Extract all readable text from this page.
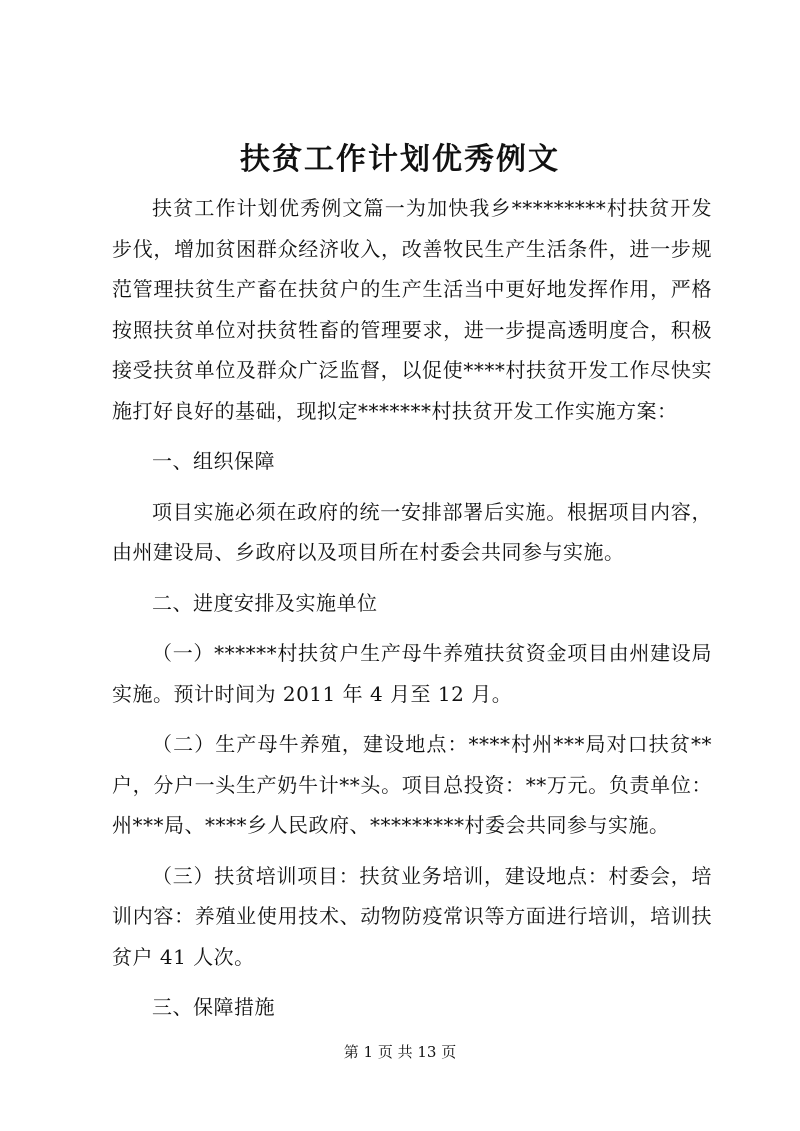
扶贫工作计划优秀例文

扶贫工作计划优秀例文篇一为加快我乡*********村扶贫开发步伐，增加贫困群众经济收入，改善牧民生产生活条件，进一步规范管理扶贫生产畜在扶贫户的生产生活当中更好地发挥作用，严格按照扶贫单位对扶贫牲畜的管理要求，进一步提高透明度合，积极接受扶贫单位及群众广泛监督，以促使****村扶贫开发工作尽快实施打好良好的基础，现拟定*******村扶贫开发工作实施方案：

一、组织保障

项目实施必须在政府的统一安排部署后实施。根据项目内容，由州建设局、乡政府以及项目所在村委会共同参与实施。

二、进度安排及实施单位

（一）******村扶贫户生产母牛养殖扶贫资金项目由州建设局实施。预计时间为 2011 年 4 月至 12 月。

（二）生产母牛养殖，建设地点：****村州***局对口扶贫**户，分户一头生产奶牛计**头。项目总投资：**万元。负责单位：州***局、****乡人民政府、*********村委会共同参与实施。

（三）扶贫培训项目：扶贫业务培训，建设地点：村委会，培训内容：养殖业使用技术、动物防疫常识等方面进行培训，培训扶贫户 41 人次。

三、保障措施

第 1 页 共 13 页
